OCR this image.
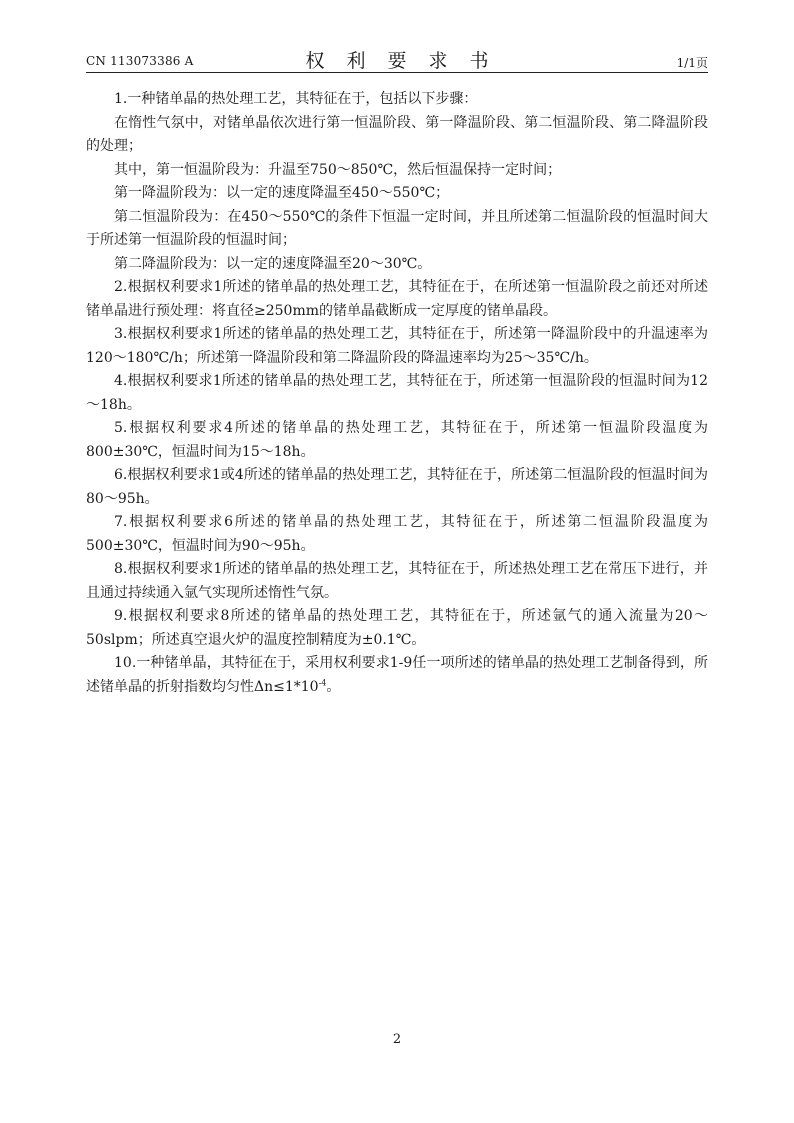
CN 113073386 A	权利要求书	1/1页

1.一种锗单晶的热处理工艺，其特征在于，包括以下步骤：

在惰性气氛中，对锗单晶依次进行第一恒温阶段、第一降温阶段、第二恒温阶段、第二降温阶段的处理；

其中，第一恒温阶段为：升温至750～850℃，然后恒温保持一定时间；

第一降温阶段为：以一定的速度降温至450～550℃；

第二恒温阶段为：在450～550℃的条件下恒温一定时间，并且所述第二恒温阶段的恒温时间大于所述第一恒温阶段的恒温时间；

第二降温阶段为：以一定的速度降温至20～30℃。

2.根据权利要求1所述的锗单晶的热处理工艺，其特征在于，在所述第一恒温阶段之前还对所述锗单晶进行预处理：将直径≥250mm的锗单晶截断成一定厚度的锗单晶段。

3.根据权利要求1所述的锗单晶的热处理工艺，其特征在于，所述第一降温阶段中的升温速率为120～180℃/h；所述第一降温阶段和第二降温阶段的降温速率均为25～35℃/h。

4.根据权利要求1所述的锗单晶的热处理工艺，其特征在于，所述第一恒温阶段的恒温时间为12～18h。

5.根据权利要求4所述的锗单晶的热处理工艺，其特征在于，所述第一恒温阶段温度为800±30℃，恒温时间为15～18h。

6.根据权利要求1或4所述的锗单晶的热处理工艺，其特征在于，所述第二恒温阶段的恒温时间为80～95h。

7.根据权利要求6所述的锗单晶的热处理工艺，其特征在于，所述第二恒温阶段温度为500±30℃，恒温时间为90～95h。

8.根据权利要求1所述的锗单晶的热处理工艺，其特征在于，所述热处理工艺在常压下进行，并且通过持续通入氩气实现所述惰性气氛。

9.根据权利要求8所述的锗单晶的热处理工艺，其特征在于，所述氩气的通入流量为20～50slpm；所述真空退火炉的温度控制精度为±0.1℃。

10.一种锗单晶，其特征在于，采用权利要求1-9任一项所述的锗单晶的热处理工艺制备得到，所述锗单晶的折射指数均匀性$\Delta n\le 1*10^{-4}$。

2
